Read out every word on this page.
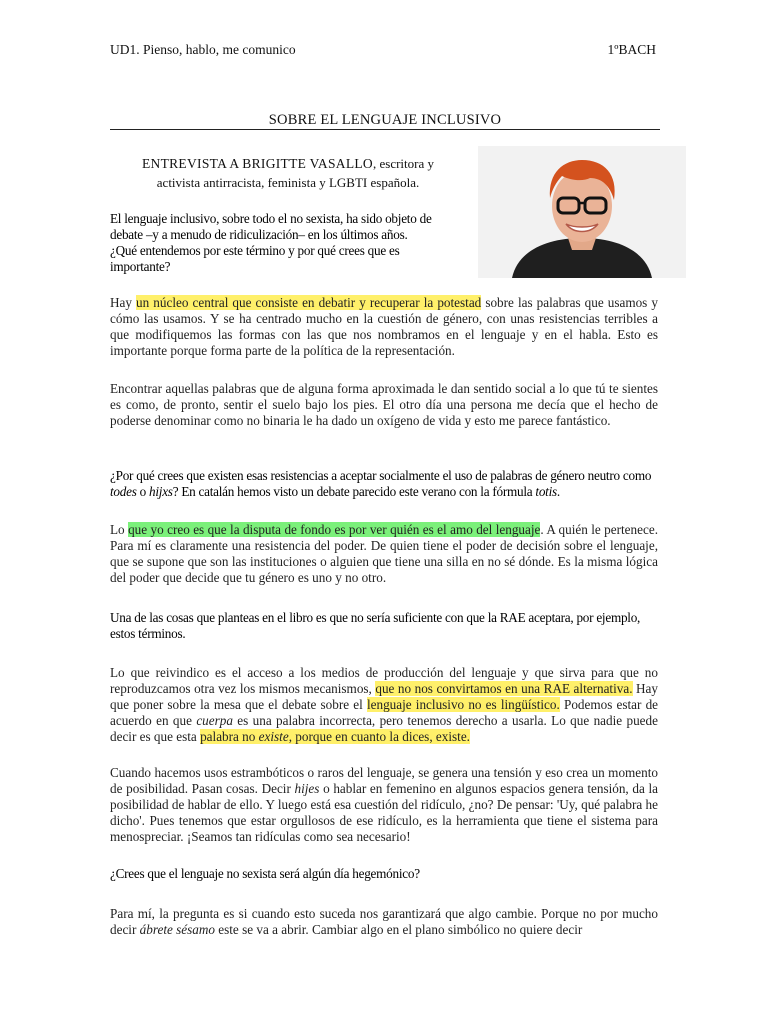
UD1. Pienso, hablo, me comunico	1ºBACH
SOBRE EL LENGUAJE INCLUSIVO
ENTREVISTA A BRIGITTE VASALLO, escritora y
activista antirracista, feminista y LGBTI española.
El lenguaje inclusivo, sobre todo el no sexista, ha sido objeto de
debate –y a menudo de ridiculización– en los últimos años.
¿Qué entendemos por este término y por qué crees que es
importante?
Hay un núcleo central que consiste en debatir y recuperar la potestad sobre las palabras que usamos y cómo las usamos. Y se ha centrado mucho en la cuestión de género, con unas resistencias terribles a que modifiquemos las formas con las que nos nombramos en el lenguaje y en el habla. Esto es importante porque forma parte de la política de la representación.
Encontrar aquellas palabras que de alguna forma aproximada le dan sentido social a lo que tú te sientes es como, de pronto, sentir el suelo bajo los pies. El otro día una persona me decía que el hecho de poderse denominar como no binaria le ha dado un oxígeno de vida y esto me parece fantástico.
¿Por qué crees que existen esas resistencias a aceptar socialmente el uso de palabras de género neutro como todes o hijxs? En catalán hemos visto un debate parecido este verano con la fórmula totis.
Lo que yo creo es que la disputa de fondo es por ver quién es el amo del lenguaje. A quién le pertenece. Para mí es claramente una resistencia del poder. De quien tiene el poder de decisión sobre el lenguaje, que se supone que son las instituciones o alguien que tiene una silla en no sé dónde. Es la misma lógica del poder que decide que tu género es uno y no otro.
Una de las cosas que planteas en el libro es que no sería suficiente con que la RAE aceptara, por ejemplo, estos términos.
Lo que reivindico es el acceso a los medios de producción del lenguaje y que sirva para que no reproduzcamos otra vez los mismos mecanismos, que no nos convirtamos en una RAE alternativa. Hay que poner sobre la mesa que el debate sobre el lenguaje inclusivo no es lingüístico. Podemos estar de acuerdo en que cuerpa es una palabra incorrecta, pero tenemos derecho a usarla. Lo que nadie puede decir es que esta palabra no existe, porque en cuanto la dices, existe.
Cuando hacemos usos estrambóticos o raros del lenguaje, se genera una tensión y eso crea un momento de posibilidad. Pasan cosas. Decir hijes o hablar en femenino en algunos espacios genera tensión, da la posibilidad de hablar de ello. Y luego está esa cuestión del ridículo, ¿no? De pensar: 'Uy, qué palabra he dicho'. Pues tenemos que estar orgullosos de ese ridículo, es la herramienta que tiene el sistema para menospreciar. ¡Seamos tan ridículas como sea necesario!
¿Crees que el lenguaje no sexista será algún día hegemónico?
Para mí, la pregunta es si cuando esto suceda nos garantizará que algo cambie. Porque no por mucho decir ábrete sésamo este se va a abrir. Cambiar algo en el plano simbólico no quiere decir
